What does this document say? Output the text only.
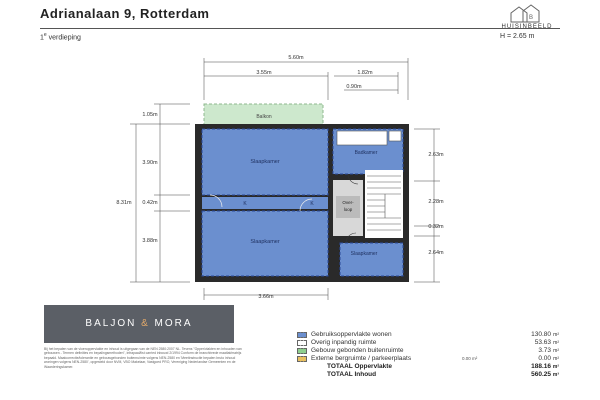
Adrianalaan 9, Rotterdam
1e verdieping
B
HUISINBEELD
H = 2.65 m
Slaapkamer
Slaapkamer
Badkamer
Slaapkamer
Balkon
Over-
loop
K	K
5.60m
3.55m	1.82m
0.90m
3.66m
1.05m
3.90m
8.31m 0.42m
3.88m
2.63m
2.28m
0.32m
2.64m
BALJON & MORA
Bij het bepalen van de vloeroppervlakte en inhoud is uitgegaan van de NEN 2580:2007 NL. Tevens "Opper/vlakten en inhouden van gebouwen - Termen definities en bepalingsmethoden", infrapaal/list carried inbouwl 2/1994 Conform de branchbrede maatlat/matrijs bepaald. Maatcorrectie/tolerantie en gebouwgebonden buitenruimte volgens NEN-2580 en 'Meetinstructie bepalen bruto inhoud woningen volgens NEN-2580', opgesteld door NVM, VBO Makelaar, Vastgoed PRO, Vereniging Nederlandse Gemeenten en de Waarderingskamer.
Gebruiksoppervlakte wonen	130.80 m²
Overig inpandig ruimte	53.63 m²
Gebouw gebonden buitenruimte	3.73 m²
Externe bergruimte / parkeerplaats	0.00 m²	0.00 m²
TOTAAL Oppervlakte	188.16 m²
TOTAAL Inhoud	560.25 m³
